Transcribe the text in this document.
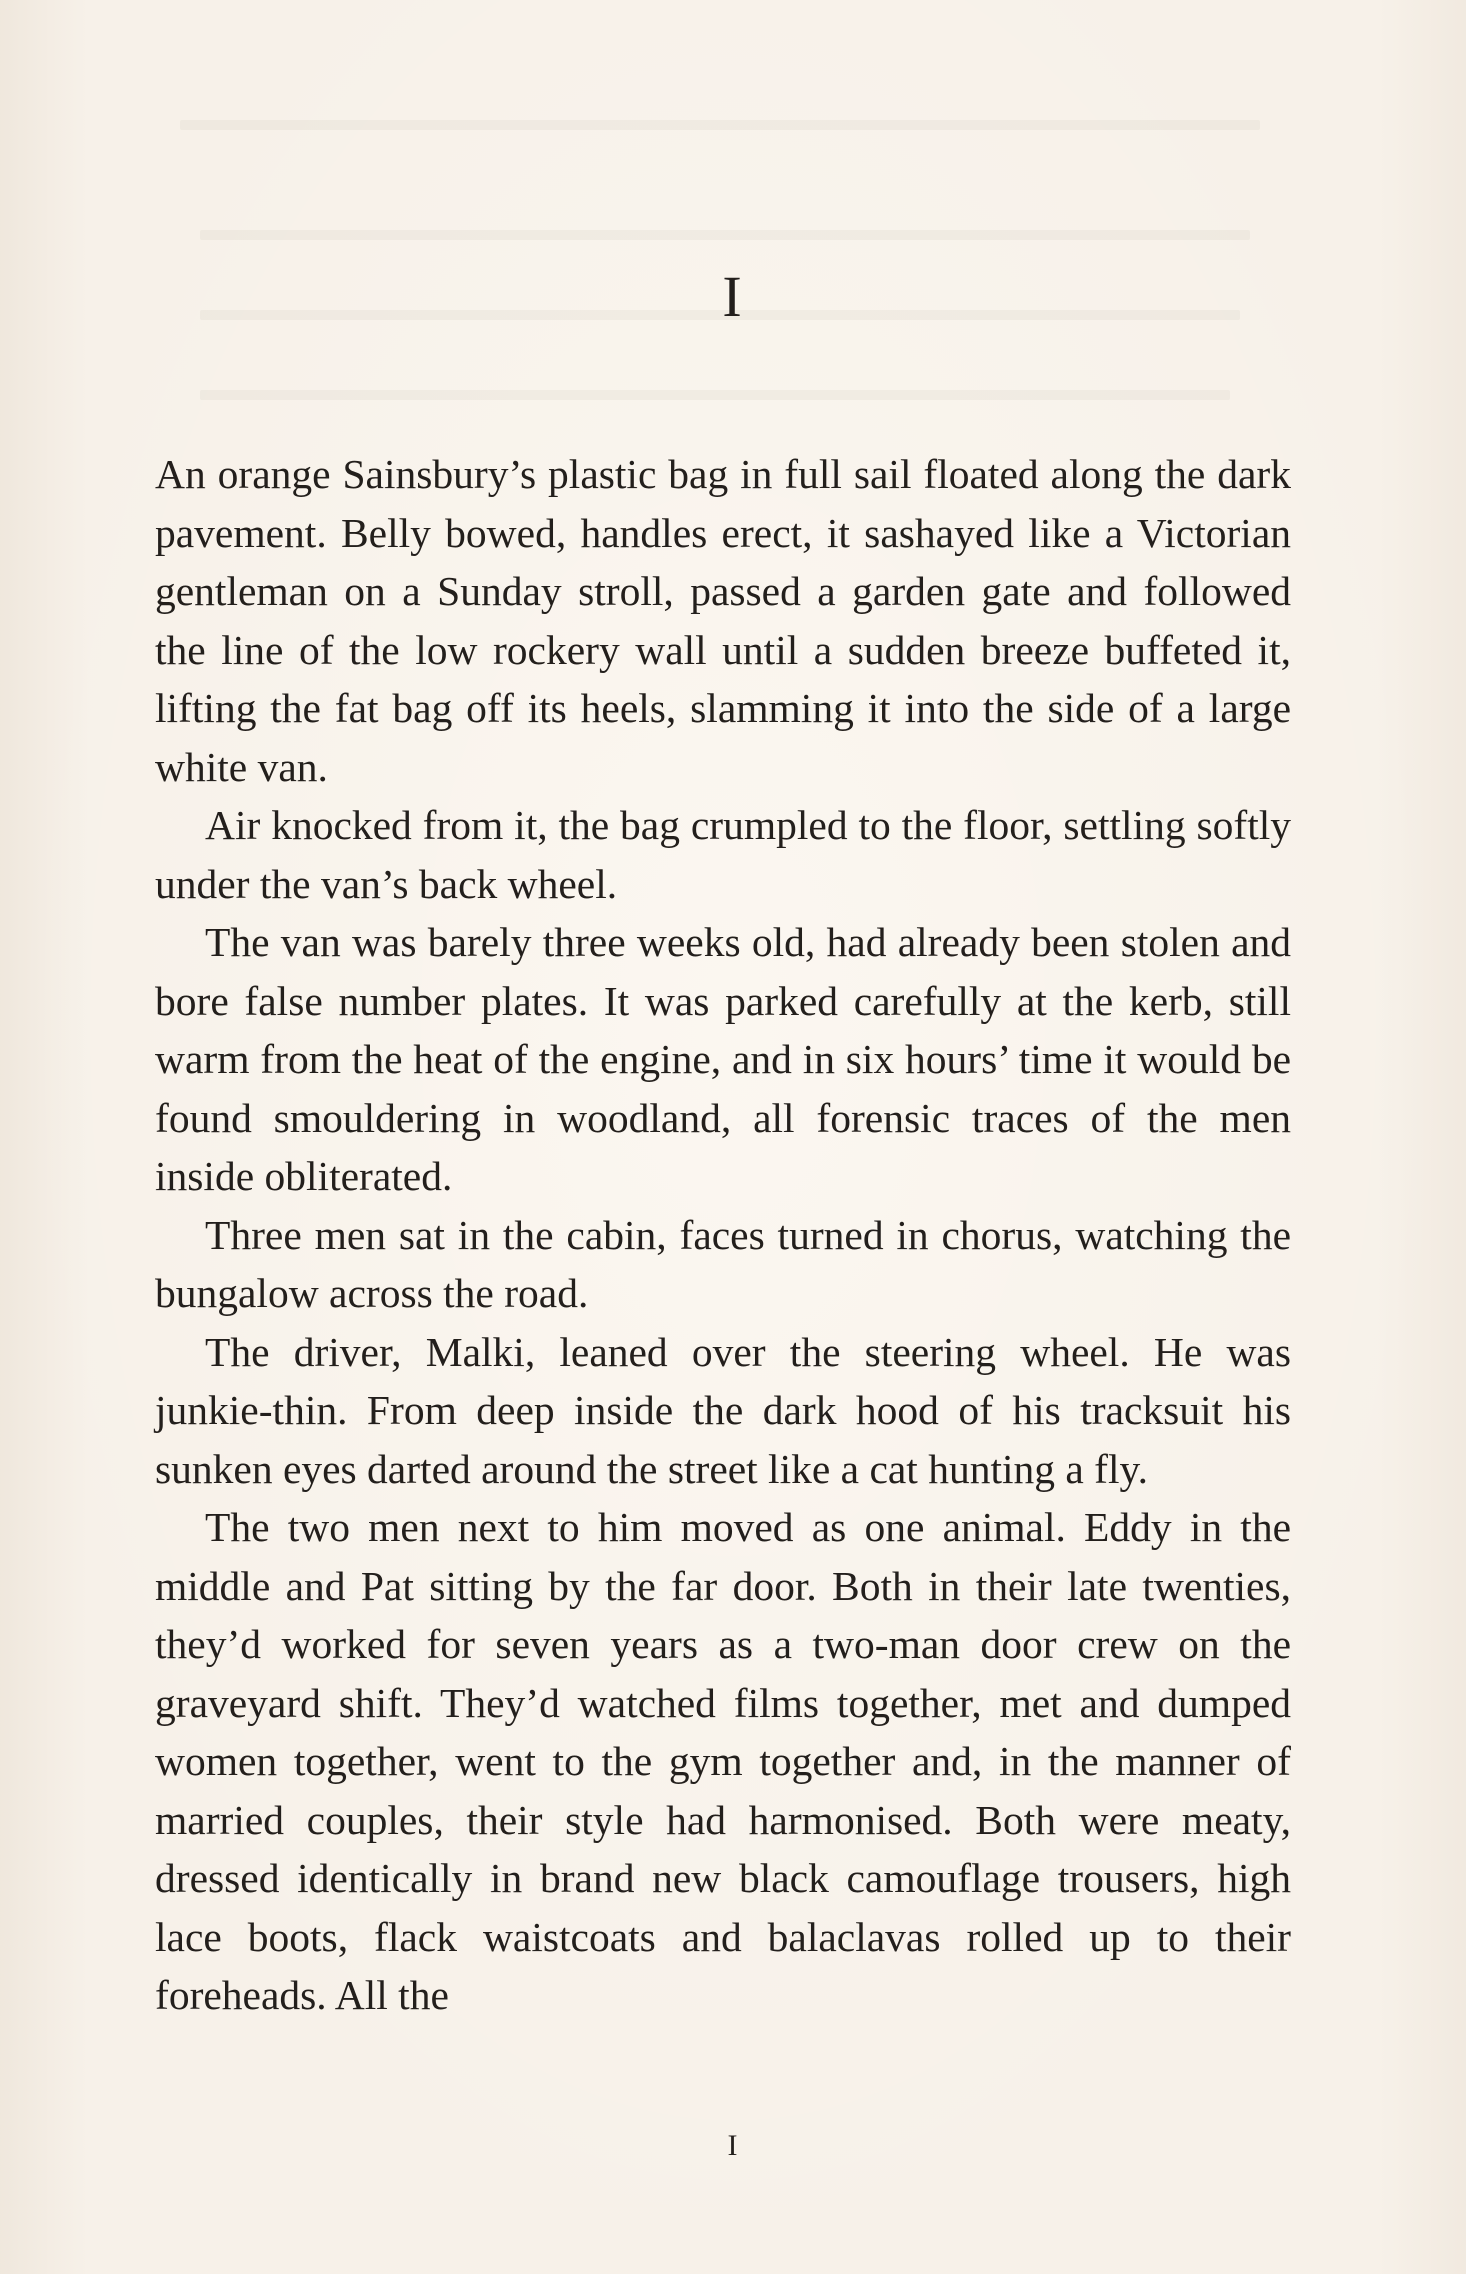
I

An orange Sainsbury’s plastic bag in full sail floated along the dark pavement. Belly bowed, handles erect, it sashayed like a Victorian gentleman on a Sunday stroll, passed a garden gate and followed the line of the low rockery wall until a sudden breeze buffeted it, lifting the fat bag off its heels, slamming it into the side of a large white van.

Air knocked from it, the bag crumpled to the floor, settling softly under the van’s back wheel.

The van was barely three weeks old, had already been stolen and bore false number plates. It was parked carefully at the kerb, still warm from the heat of the engine, and in six hours’ time it would be found smouldering in woodland, all forensic traces of the men inside obliterated.

Three men sat in the cabin, faces turned in chorus, watching the bungalow across the road.

The driver, Malki, leaned over the steering wheel. He was junkie-thin. From deep inside the dark hood of his tracksuit his sunken eyes darted around the street like a cat hunting a fly.

The two men next to him moved as one animal. Eddy in the middle and Pat sitting by the far door. Both in their late twenties, they’d worked for seven years as a two-man door crew on the graveyard shift. They’d watched films together, met and dumped women together, went to the gym together and, in the manner of married couples, their style had harmonised. Both were meaty, dressed identically in brand new black camouflage trousers, high lace boots, flack waistcoats and balaclavas rolled up to their foreheads. All the

I
